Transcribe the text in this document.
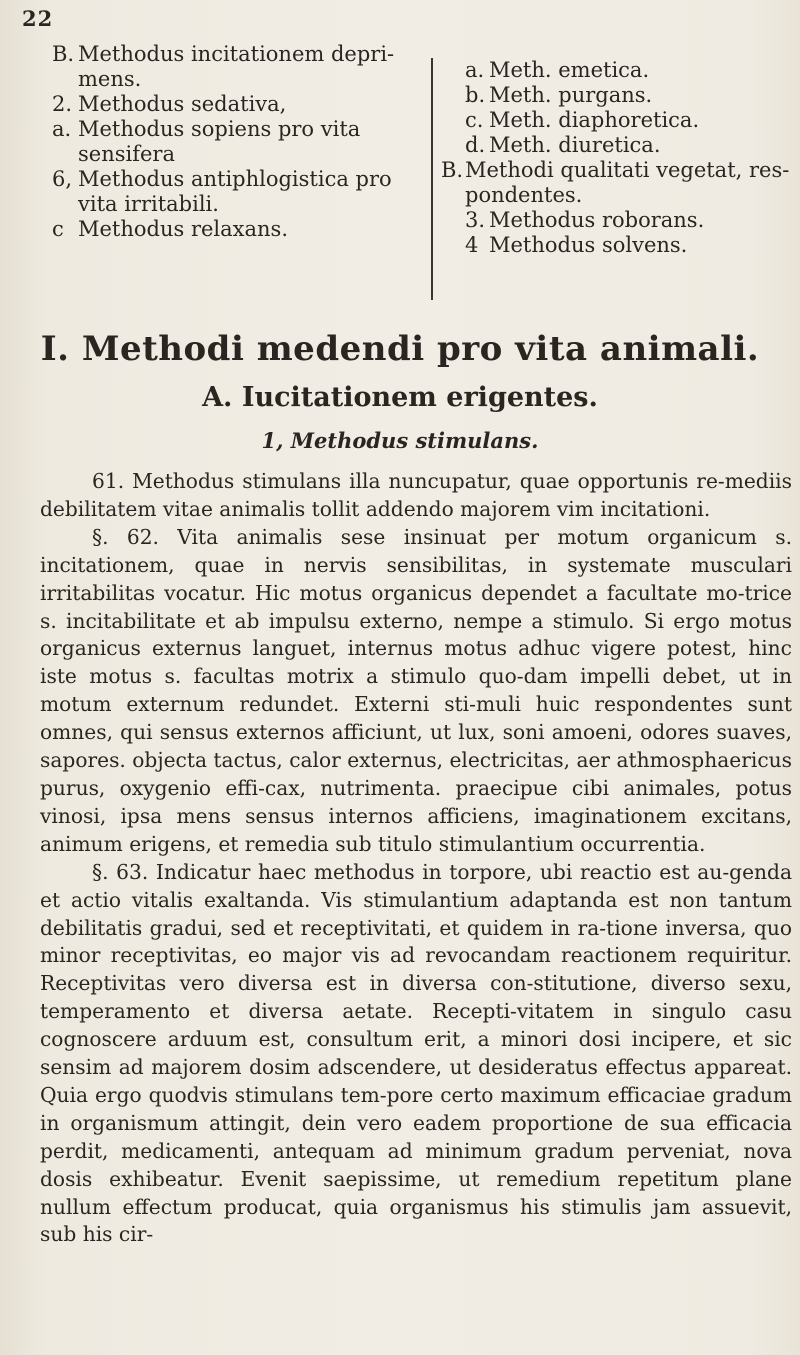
22

B. Methodus incitationem depri-mens.

2. Methodus sedativa,

a. Methodus sopiens pro vita sensifera

6, Methodus antiphlogistica pro vita irritabili.

c Methodus relaxans.

a. Meth. emetica.

b. Meth. purgans.

c. Meth. diaphoretica.

d. Meth. diuretica.

B.Methodi qualitati vegetat, res-pondentes.

3. Methodus roborans.

4 Methodus solvens.

I. Methodi medendi pro vita animali.
A. Iucitationem erigentes.
1, Methodus stimulans.

61. Methodus stimulans illa nuncupatur, quae opportunis re-mediis debilitatem vitae animalis tollit addendo majorem vim incitationi.

§. 62. Vita animalis sese insinuat per motum organicum s. incitationem, quae in nervis sensibilitas, in systemate musculari irritabilitas vocatur. Hic motus organicus dependet a facultate mo-trice s. incitabilitate et ab impulsu externo, nempe a stimulo. Si ergo motus organicus externus languet, internus motus adhuc vigere potest, hinc iste motus s. facultas motrix a stimulo quo-dam impelli debet, ut in motum externum redundet. Externi sti-muli huic respondentes sunt omnes, qui sensus externos afficiunt, ut lux, soni amoeni, odores suaves, sapores. objecta tactus, calor externus, electricitas, aer athmosphaericus purus, oxygenio effi-cax, nutrimenta. praecipue cibi animales, potus vinosi, ipsa mens sensus internos afficiens, imaginationem excitans, animum erigens, et remedia sub titulo stimulantium occurrentia.

§. 63. Indicatur haec methodus in torpore, ubi reactio est au-genda et actio vitalis exaltanda. Vis stimulantium adaptanda est non tantum debilitatis gradui, sed et receptivitati, et quidem in ra-tione inversa, quo minor receptivitas, eo major vis ad revocandam reactionem requiritur. Receptivitas vero diversa est in diversa con-stitutione, diverso sexu, temperamento et diversa aetate. Recepti-vitatem in singulo casu cognoscere arduum est, consultum erit, a minori dosi incipere, et sic sensim ad majorem dosim adscendere, ut desideratus effectus appareat. Quia ergo quodvis stimulans tem-pore certo maximum efficaciae gradum in organismum attingit, dein vero eadem proportione de sua efficacia perdit, medicamenti, antequam ad minimum gradum perveniat, nova dosis exhibeatur. Evenit saepissime, ut remedium repetitum plane nullum effectum producat, quia organismus his stimulis jam assuevit, sub his cir-
